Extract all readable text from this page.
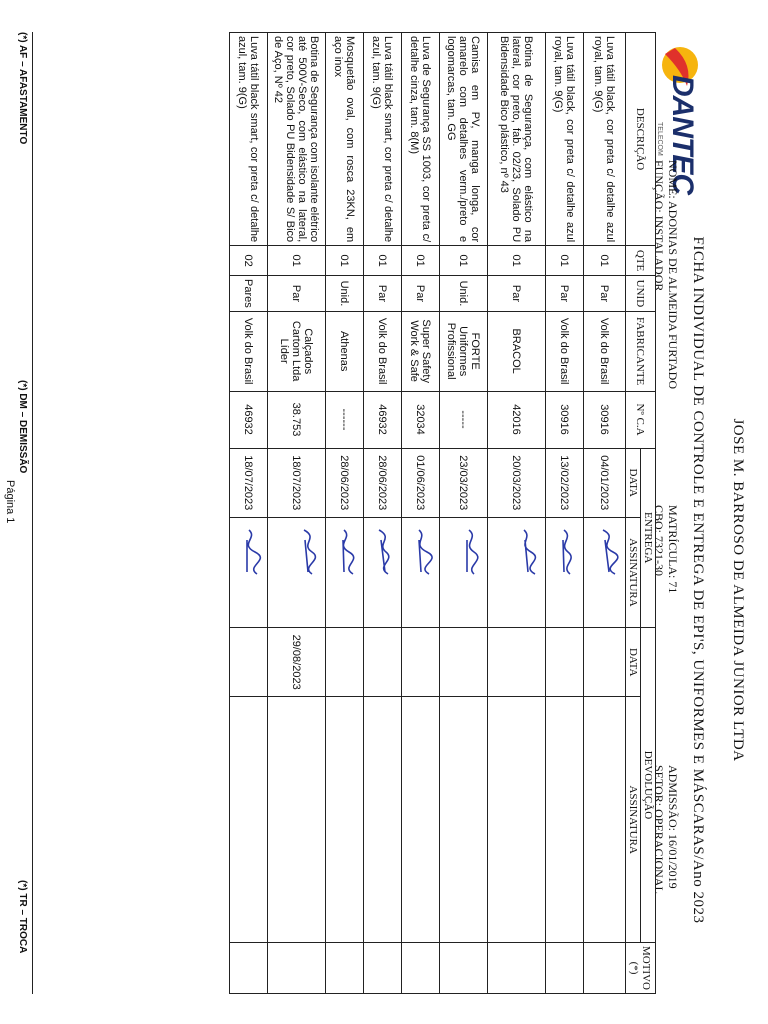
JOSE M. BARROSO DE ALMEIDA JUNIOR LTDA
FICHA INDIVIDUAL DE CONTROLE E ENTREGA DE EPI'S, UNIFORMES E MÁSCARAS/Ano 2023
DANTEC
TELECOM
NOME: ADONIAS DE ALMEIDA FURTADO
MATRÍCULA: 71
ADMISSÃO: 16/01/2019
FUNÇÃO: INSTALADOR
CBO: 7321-30
SETOR: OPERACIONAL
DESCRIÇÃO	QTE	UNID	FABRICANTE	Nº C.A	ENTREGA		DEVOLUÇÃO		MOTIVO (*)
					DATA	ASSINATURA	DATA	ASSINATURA	
Luva tátil black, cor preta c/ detalhe azul royal, tam. 9(G)	01	Par	Volk do Brasil	30916	04/01/2023	

Luva tátil black, cor preta c/ detalhe azul royal, tam. 9(G)	01	Par	Volk do Brasil	30916	13/02/2023	

Botina de Segurança, com elástico na lateral, cor preto, fab. 02/23, Solado PU Bidensidade Bico plástico, nº 43	01	Par	BRACOL	42016	20/03/2023	

Camisa em PV, manga longa, cor amarelo com detalhes verm./preto e logomarcas, tam. GG	01	Unid.	FORTE Uniformes Profissional	-----	23/03/2023	

Luva de Segurança SS 1003, cor preta c/ detalhe cinza, tam. 8(M)	01	Par	Super Safety Work & Safe	32034	01/06/2023	

Luva tátil black smart, cor preta c/ detalhe azul, tam. 9(G)	01	Par	Volk do Brasil	46932	28/06/2023	

Mosquetão oval, com rosca 23KN, em aço inox	01	Unid.	Athenas	------	28/06/2023	

Botina de Segurança com isolante elétrico até 500V-Seco, com elástico na lateral, cor preto, Solado PU Bidensidade S/ Bico de Aço, Nº 42	01	Par	Calçados Cartom Ltda Líder	38.753	18/07/2023		29/08/2023		
Luva tátil black smart, cor preta c/ detalhe azul, tam. 9(G)	02	Pares	Volk do Brasil	46932	18/07/2023	

(*) AF – AFASTAMENTO
(*) DM – DEMISSÃO
(*) TR – TROCA
Página 1
